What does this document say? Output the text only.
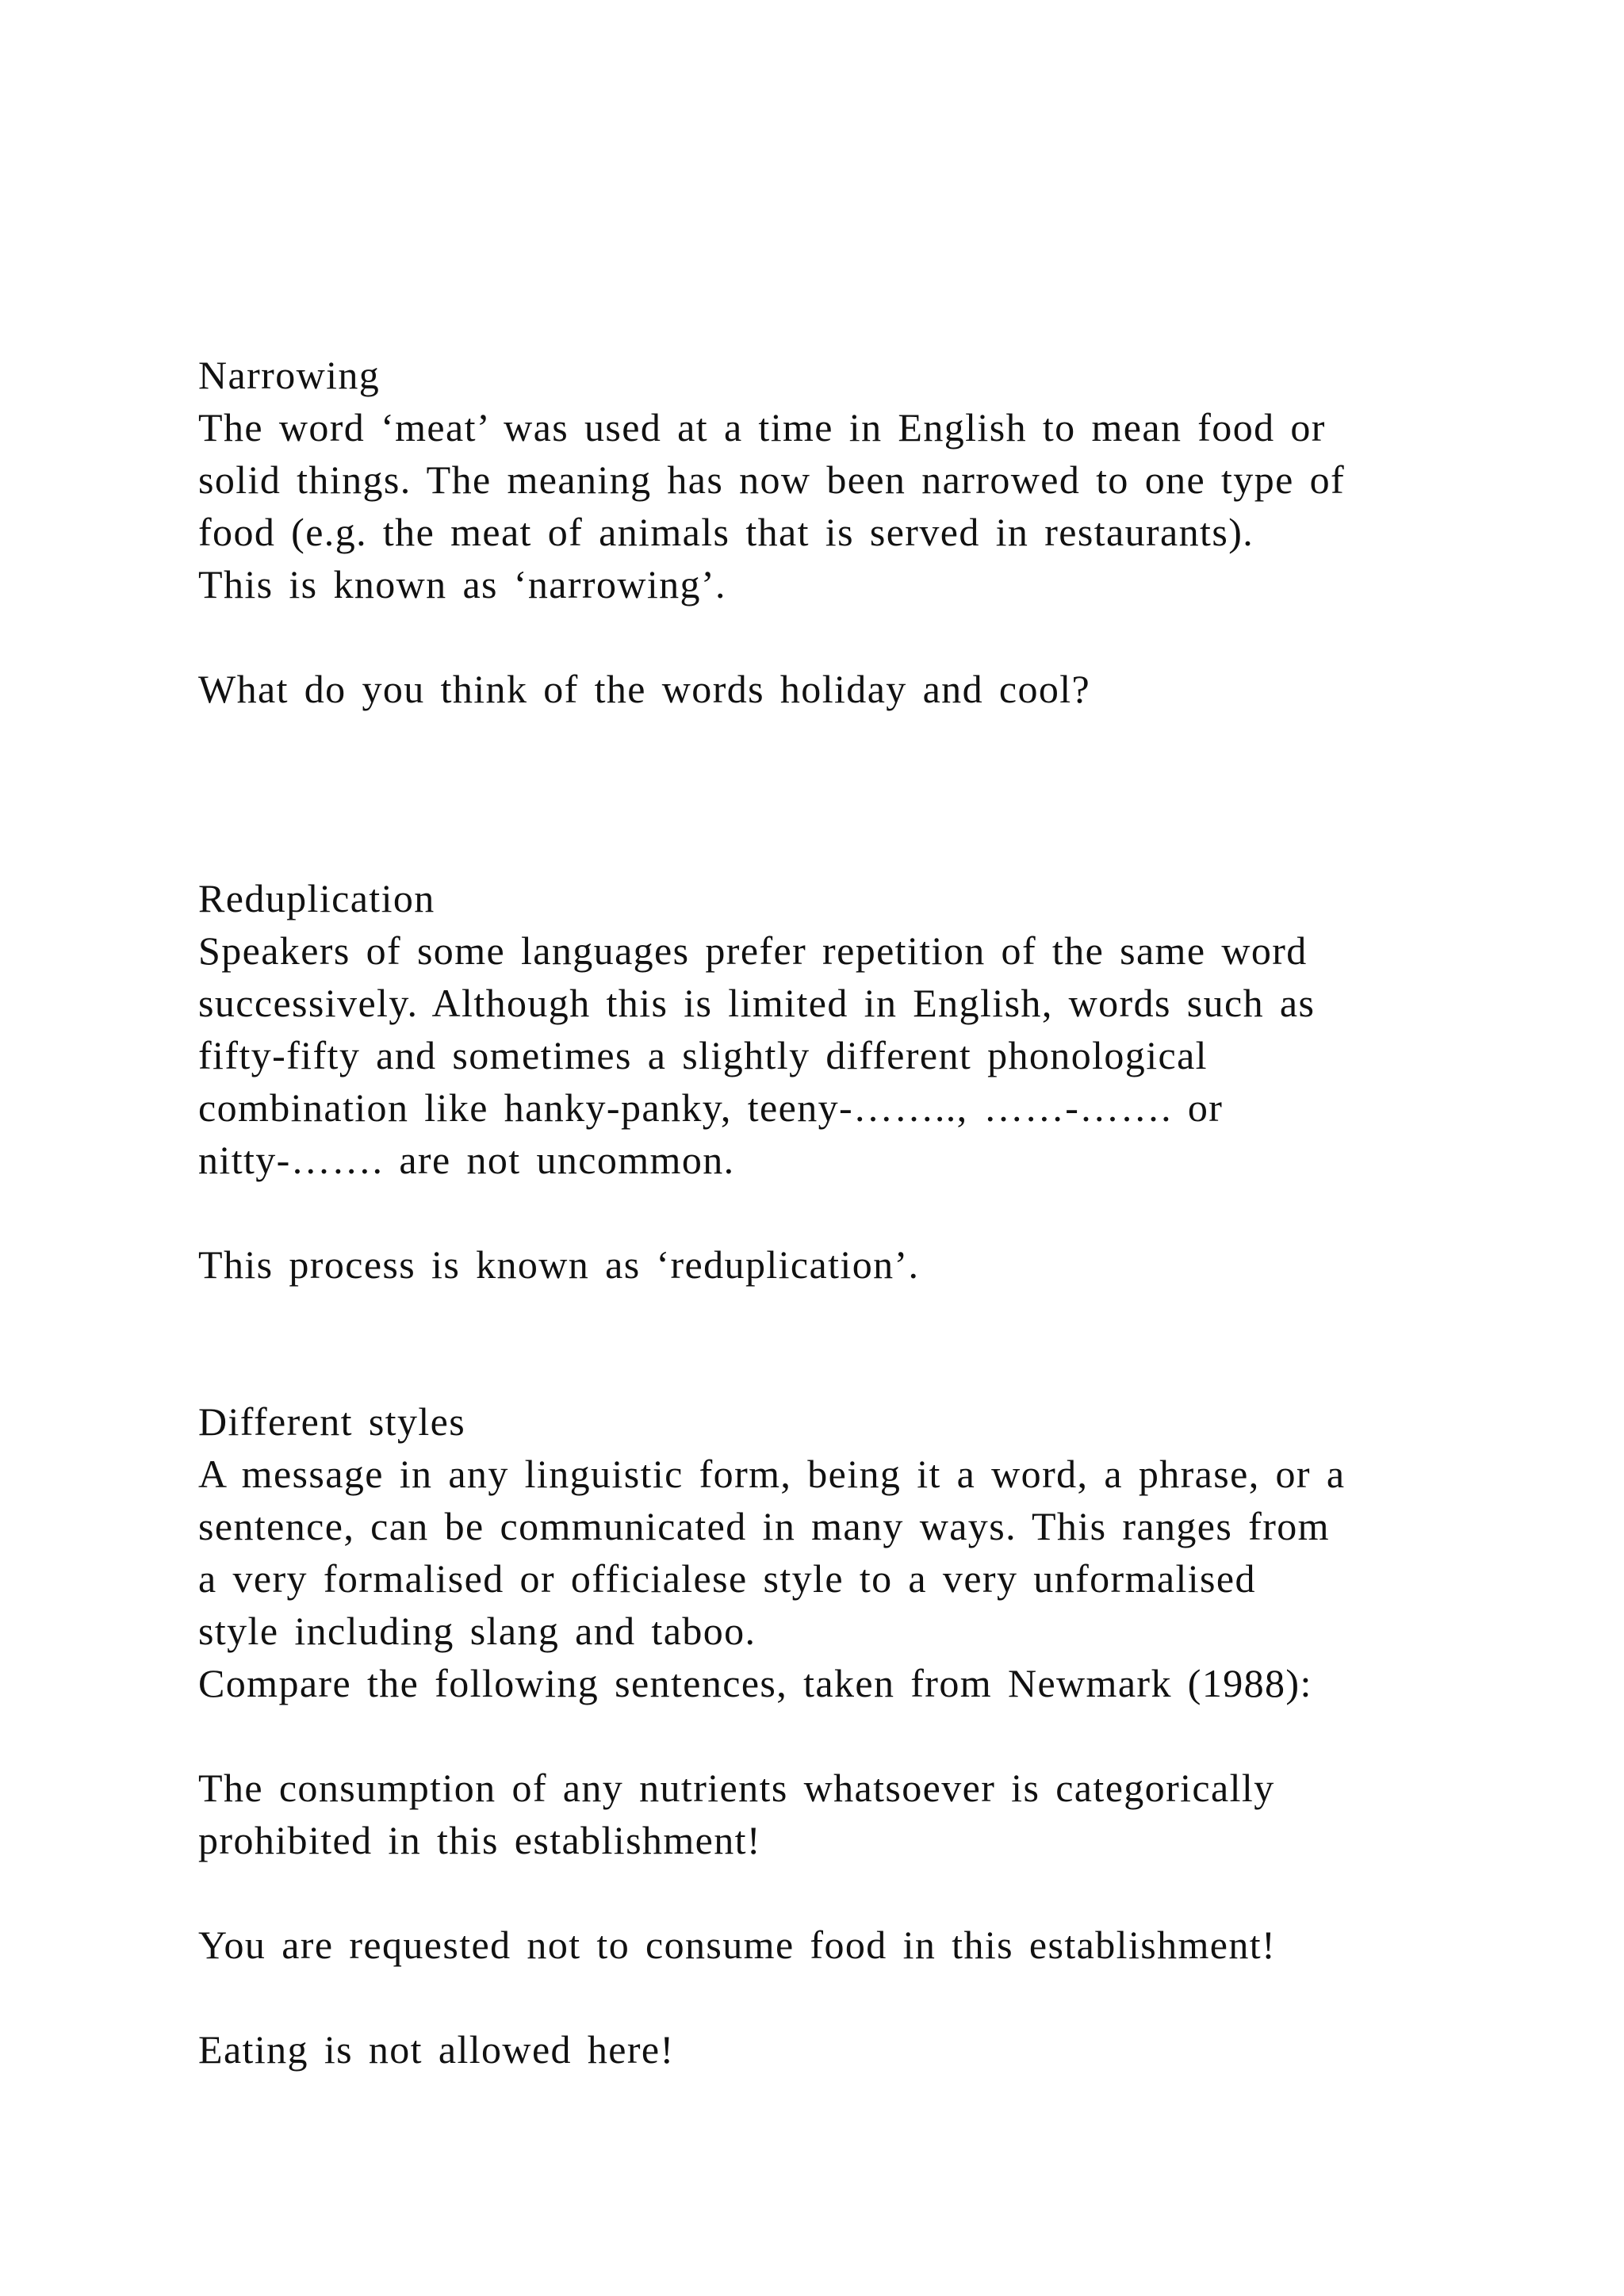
Narrowing
The word ‘meat’ was used at a time in English to mean food or
solid things. The meaning has now been narrowed to one type of
food (e.g. the meat of animals that is served in restaurants).
This is known as ‘narrowing’.
What do you think of the words holiday and cool?
Reduplication
Speakers of some languages prefer repetition of the same word
successively. Although this is limited in English, words such as
fifty-fifty and sometimes a slightly different phonological
combination like hanky-panky, teeny-…….., ……-……. or
nitty-……. are not uncommon.
This process is known as ‘reduplication’.
Different styles
A message in any linguistic form, being it a word, a phrase, or a
sentence, can be communicated in many ways. This ranges from
a very formalised or officialese style to a very unformalised
style including slang and taboo.
Compare the following sentences, taken from Newmark (1988):
The consumption of any nutrients whatsoever is categorically
prohibited in this establishment!
You are requested not to consume food in this establishment!
Eating is not allowed here!
